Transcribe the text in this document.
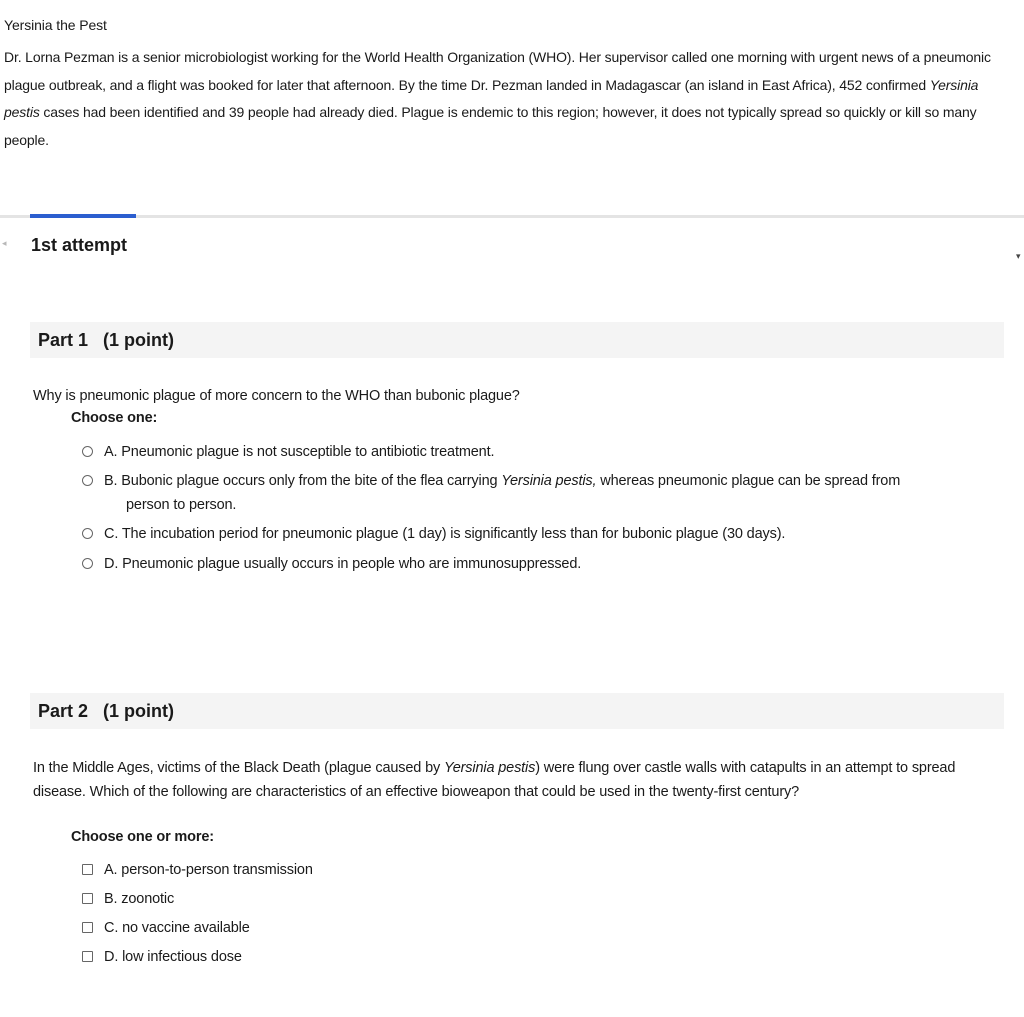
Yersinia the Pest
Dr. Lorna Pezman is a senior microbiologist working for the World Health Organization (WHO). Her supervisor called one morning with urgent news of a pneumonic plague outbreak, and a flight was booked for later that afternoon. By the time Dr. Pezman landed in Madagascar (an island in East Africa), 452 confirmed Yersinia pestis cases had been identified and 39 people had already died. Plague is endemic to this region; however, it does not typically spread so quickly or kill so many people.
◂
▾
1st attempt
Part 1   (1 point)
Why is pneumonic plague of more concern to the WHO than bubonic plague?
Choose one:
A. Pneumonic plague is not susceptible to antibiotic treatment.
B. Bubonic plague occurs only from the bite of the flea carrying Yersinia pestis, whereas pneumonic plague can be spread from person to person.
C. The incubation period for pneumonic plague (1 day) is significantly less than for bubonic plague (30 days).
D. Pneumonic plague usually occurs in people who are immunosuppressed.
Part 2   (1 point)
In the Middle Ages, victims of the Black Death (plague caused by Yersinia pestis) were flung over castle walls with catapults in an attempt to spread disease. Which of the following are characteristics of an effective bioweapon that could be used in the twenty-first century?
Choose one or more:
A. person-to-person transmission
B. zoonotic
C. no vaccine available
D. low infectious dose
